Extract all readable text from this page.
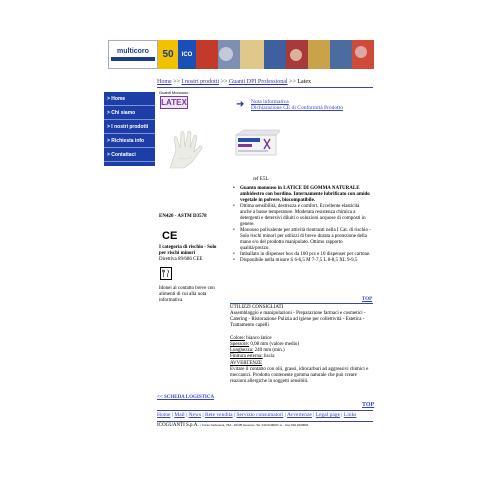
multicoro	50	ICO
Home >> I nostri prodotti >> Guanti DPI Professional >> Latex
> Home
> Chi siamo
> I nostri prodotti
> Richiesta info
> Contattaci
Guanti Monouso
LATEX	➜ Nota informativa
Dichiarazione CE di Conformità Prodotto
ref E5L
• Guanto monouso in LATICE DI GOMMA NATURALE ambidestro con bordino. Internamente lubrificato con amido vegetale in polvere, biocompatibile.
• Ottima sensibilità, destrezza e comfort. Eccellente elasticità anche a basse temperature. Moderata resistenza chimica a detergenti e detersivi diluiti o soluzioni acquose di composti in genere.
• Monouso polivalente per attività rientranti nella I Cat. di rischio - Solo rischi minori per utilizzi di breve durata a protezione della mano e/o del prodotto manipolato. Ottimo rapporto qualità/prezzo.
• Imballato in dispenser box da 100 pcs e 10 dispenser per cartone.
• Disponibile nella misure S 6-6,5 M 7-7,5 L 8-8,5 XL 9-9,5
EN420 - ASTM D3578
CE
I categoria di rischio - Solo per rischi minori
Direttiva 89/686 CEE
Idonei al contatto breve con alimenti di cui alla nota informativa	TOP
UTILIZZI CONSIGLIATI
Assemblaggio e manipolazioni - Preparazione farmaci e cosmetici - Catering - Ristorazione Pulizia ad igiene per collettività - Estetica - Trattamento capelli
Colore: bianco latice
Spessore: 0,08 mm (valore medio)
Lunghezza: 240 mm (min.)
Finitura esterna: liscia
AVVERTENZE
Evitare il contatto con olii, grassi, idrocarburi ad aggressivi chimici e meccanici. Prodotto contenente gomma naturale che può creare reazioni allergiche in soggetti sensibili.
<< SCHEDA LOGISTICA
TOP
Home | Mail | News | Rete vendita | Servizio consumatori | Avvertenze | Legal page | Links
ICOGUANTI S.p.A. • Corso Cerlenova, 76A - 16135 Genova • Tel. 010 010000 r.a. - Fax 010 0100001
